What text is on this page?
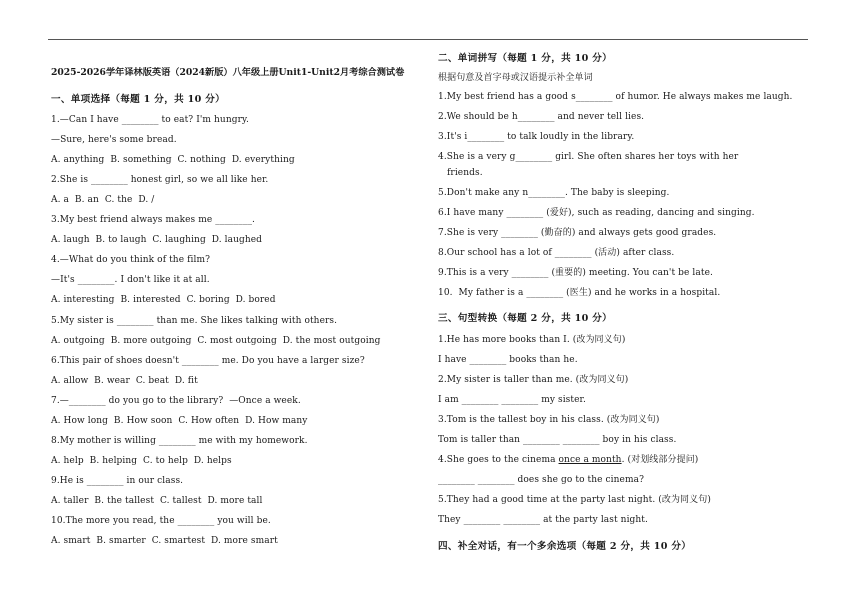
2025-2026学年译林版英语（2024新版）八年级上册Unit1-Unit2月考综合测试卷
一、单项选择（每题 1 分，共 10 分）
1.—Can I have ________ to eat? I'm hungry.
—Sure, here's some bread.
A. anything  B. something  C. nothing  D. everything
2.She is ________ honest girl, so we all like her.
A. a  B. an  C. the  D. /
3.My best friend always makes me ________.
A. laugh  B. to laugh  C. laughing  D. laughed
4.—What do you think of the film?
—It's ________. I don't like it at all.
A. interesting  B. interested  C. boring  D. bored
5.My sister is ________ than me. She likes talking with others.
A. outgoing  B. more outgoing  C. most outgoing  D. the most outgoing
6.This pair of shoes doesn't ________ me. Do you have a larger size?
A. allow  B. wear  C. beat  D. fit
7.—________ do you go to the library?  —Once a week.
A. How long  B. How soon  C. How often  D. How many
8.My mother is willing ________ me with my homework.
A. help  B. helping  C. to help  D. helps
9.He is ________ in our class.
A. taller  B. the tallest  C. tallest  D. more tall
10.The more you read, the ________ you will be.
A. smart  B. smarter  C. smartest  D. more smart
二、单词拼写（每题 1 分，共 10 分）
根据句意及首字母或汉语提示补全单词
1.My best friend has a good s________ of humor. He always makes me laugh.
2.We should be h________ and never tell lies.
3.It's i________ to talk loudly in the library.
4.She is a very g________ girl. She often shares her toys with her
friends.
5.Don't make any n________. The baby is sleeping.
6.I have many ________ (爱好), such as reading, dancing and singing.
7.She is very ________ (勤奋的) and always gets good grades.
8.Our school has a lot of ________ (活动) after class.
9.This is a very ________ (重要的) meeting. You can't be late.
10.  My father is a ________ (医生) and he works in a hospital.
三、句型转换（每题 2 分，共 10 分）
1.He has more books than I. (改为同义句)
I have ________ books than he.
2.My sister is taller than me. (改为同义句)
I am ________ ________ my sister.
3.Tom is the tallest boy in his class. (改为同义句)
Tom is taller than ________ ________ boy in his class.
4.She goes to the cinema once a month. (对划线部分提问)
________ ________ does she go to the cinema?
5.They had a good time at the party last night. (改为同义句)
They ________ ________ at the party last night.
四、补全对话，有一个多余选项（每题 2 分，共 10 分）
